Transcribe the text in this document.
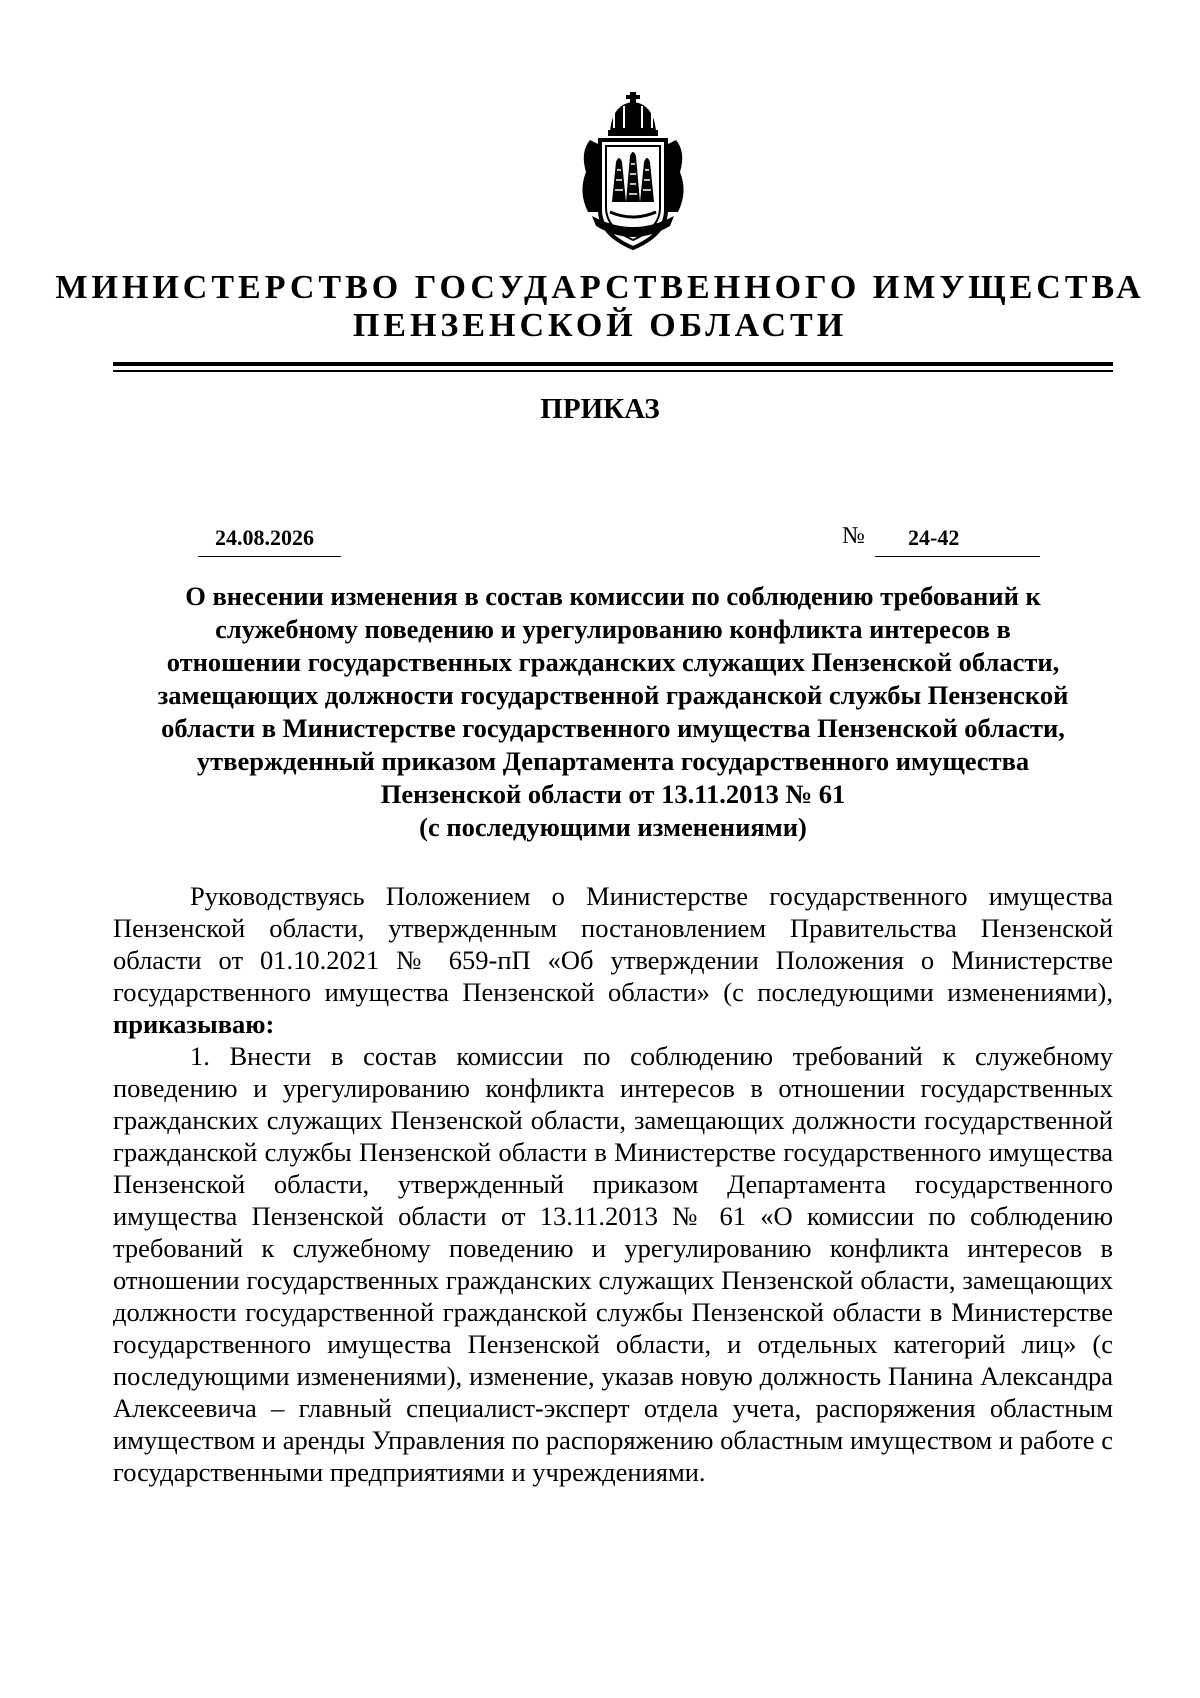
МИНИСТЕРСТВО ГОСУДАРСТВЕННОГО ИМУЩЕСТВА
ПЕНЗЕНСКОЙ ОБЛАСТИ
ПРИКАЗ
24.08.2026	№ 24-42
О внесении изменения в состав комиссии по соблюдению требований к
служебному поведению и урегулированию конфликта интересов в
отношении государственных гражданских служащих Пензенской области,
замещающих должности государственной гражданской службы Пензенской
области в Министерстве государственного имущества Пензенской области,
утвержденный приказом Департамента государственного имущества
Пензенской области от 13.11.2013 № 61
(с последующими изменениями)

Руководствуясь Положением о Министерстве государственного имущества Пензенской области, утвержденным постановлением Правительства Пензенской области от 01.10.2021 № 659-пП «Об утверждении Положения о Министерстве государственного имущества Пензенской области» (с последующими изменениями), приказываю:

1. Внести в состав комиссии по соблюдению требований к служебному поведению и урегулированию конфликта интересов в отношении государственных гражданских служащих Пензенской области, замещающих должности государственной гражданской службы Пензенской области в Министерстве государственного имущества Пензенской области, утвержденный приказом Департамента государственного имущества Пензенской области от 13.11.2013 № 61 «О комиссии по соблюдению требований к служебному поведению и урегулированию конфликта интересов в отношении государственных гражданских служащих Пензенской области, замещающих должности государственной гражданской службы Пензенской области в Министерстве государственного имущества Пензенской области, и отдельных категорий лиц» (с последующими изменениями), изменение, указав новую должность Панина Александра Алексеевича – главный специалист-эксперт отдела учета, распоряжения областным имуществом и аренды Управления по распоряжению областным имуществом и работе с государственными предприятиями и учреждениями.
